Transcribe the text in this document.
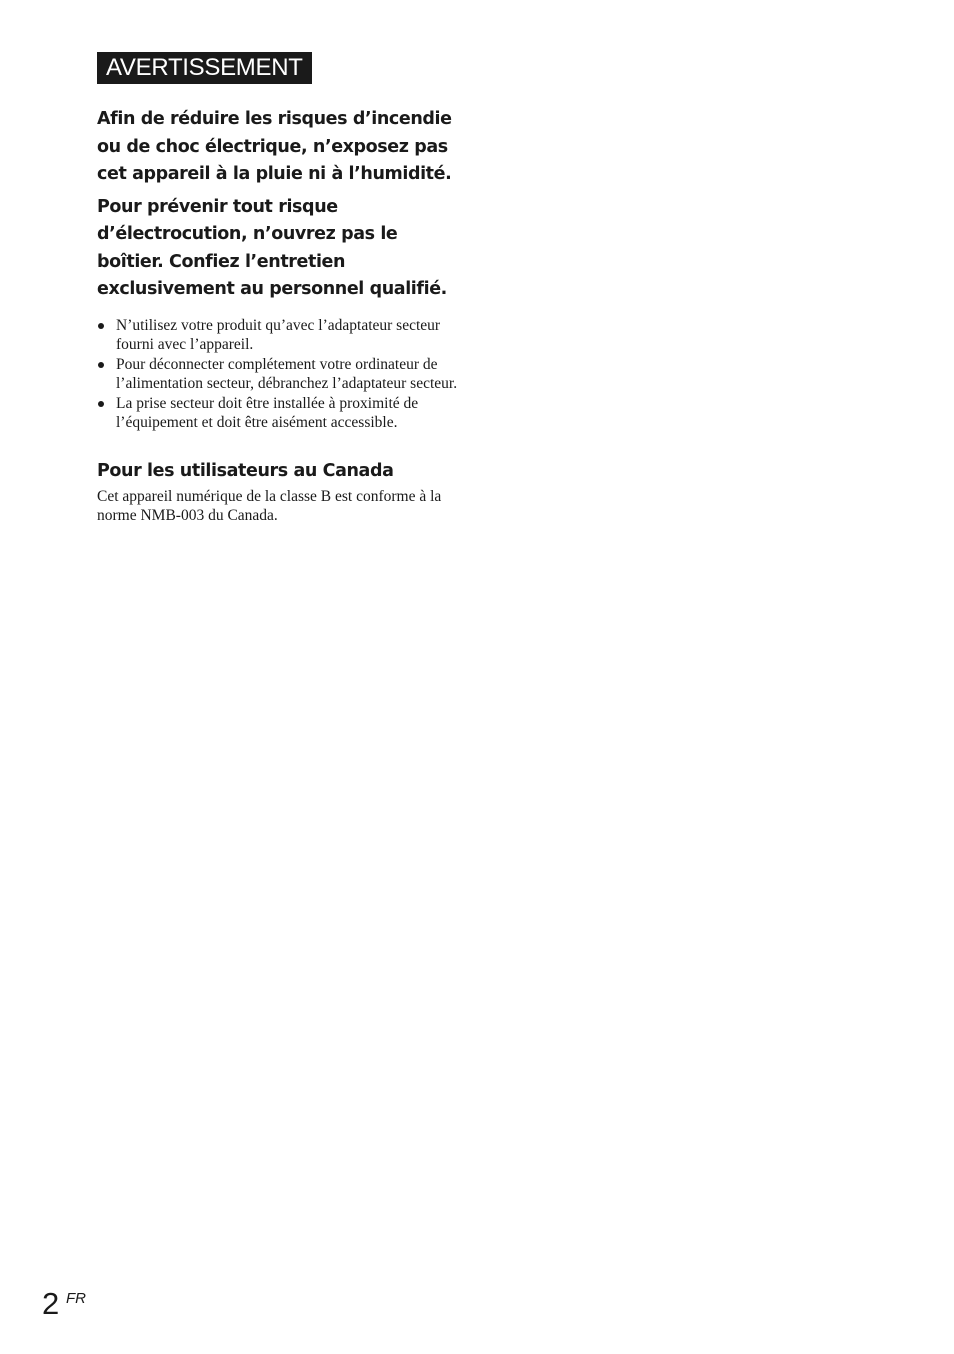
AVERTISSEMENT

Afin de réduire les risques d’incendie ou de choc électrique, n’exposez pas cet appareil à la pluie ni à l’humidité.

Pour prévenir tout risque d’électrocution, n’ouvrez pas le boîtier. Confiez l’entretien exclusivement au personnel qualifié.

N’utilisez votre produit qu’avec l’adaptateur secteur fourni avec l’appareil.
Pour déconnecter complétement votre ordinateur de l’alimentation secteur, débranchez l’adaptateur secteur.
La prise secteur doit être installée à proximité de l’équipement et doit être aisément accessible.
Pour les utilisateurs au Canada

Cet appareil numérique de la classe B est conforme à la norme NMB-003 du Canada.

2 FR
